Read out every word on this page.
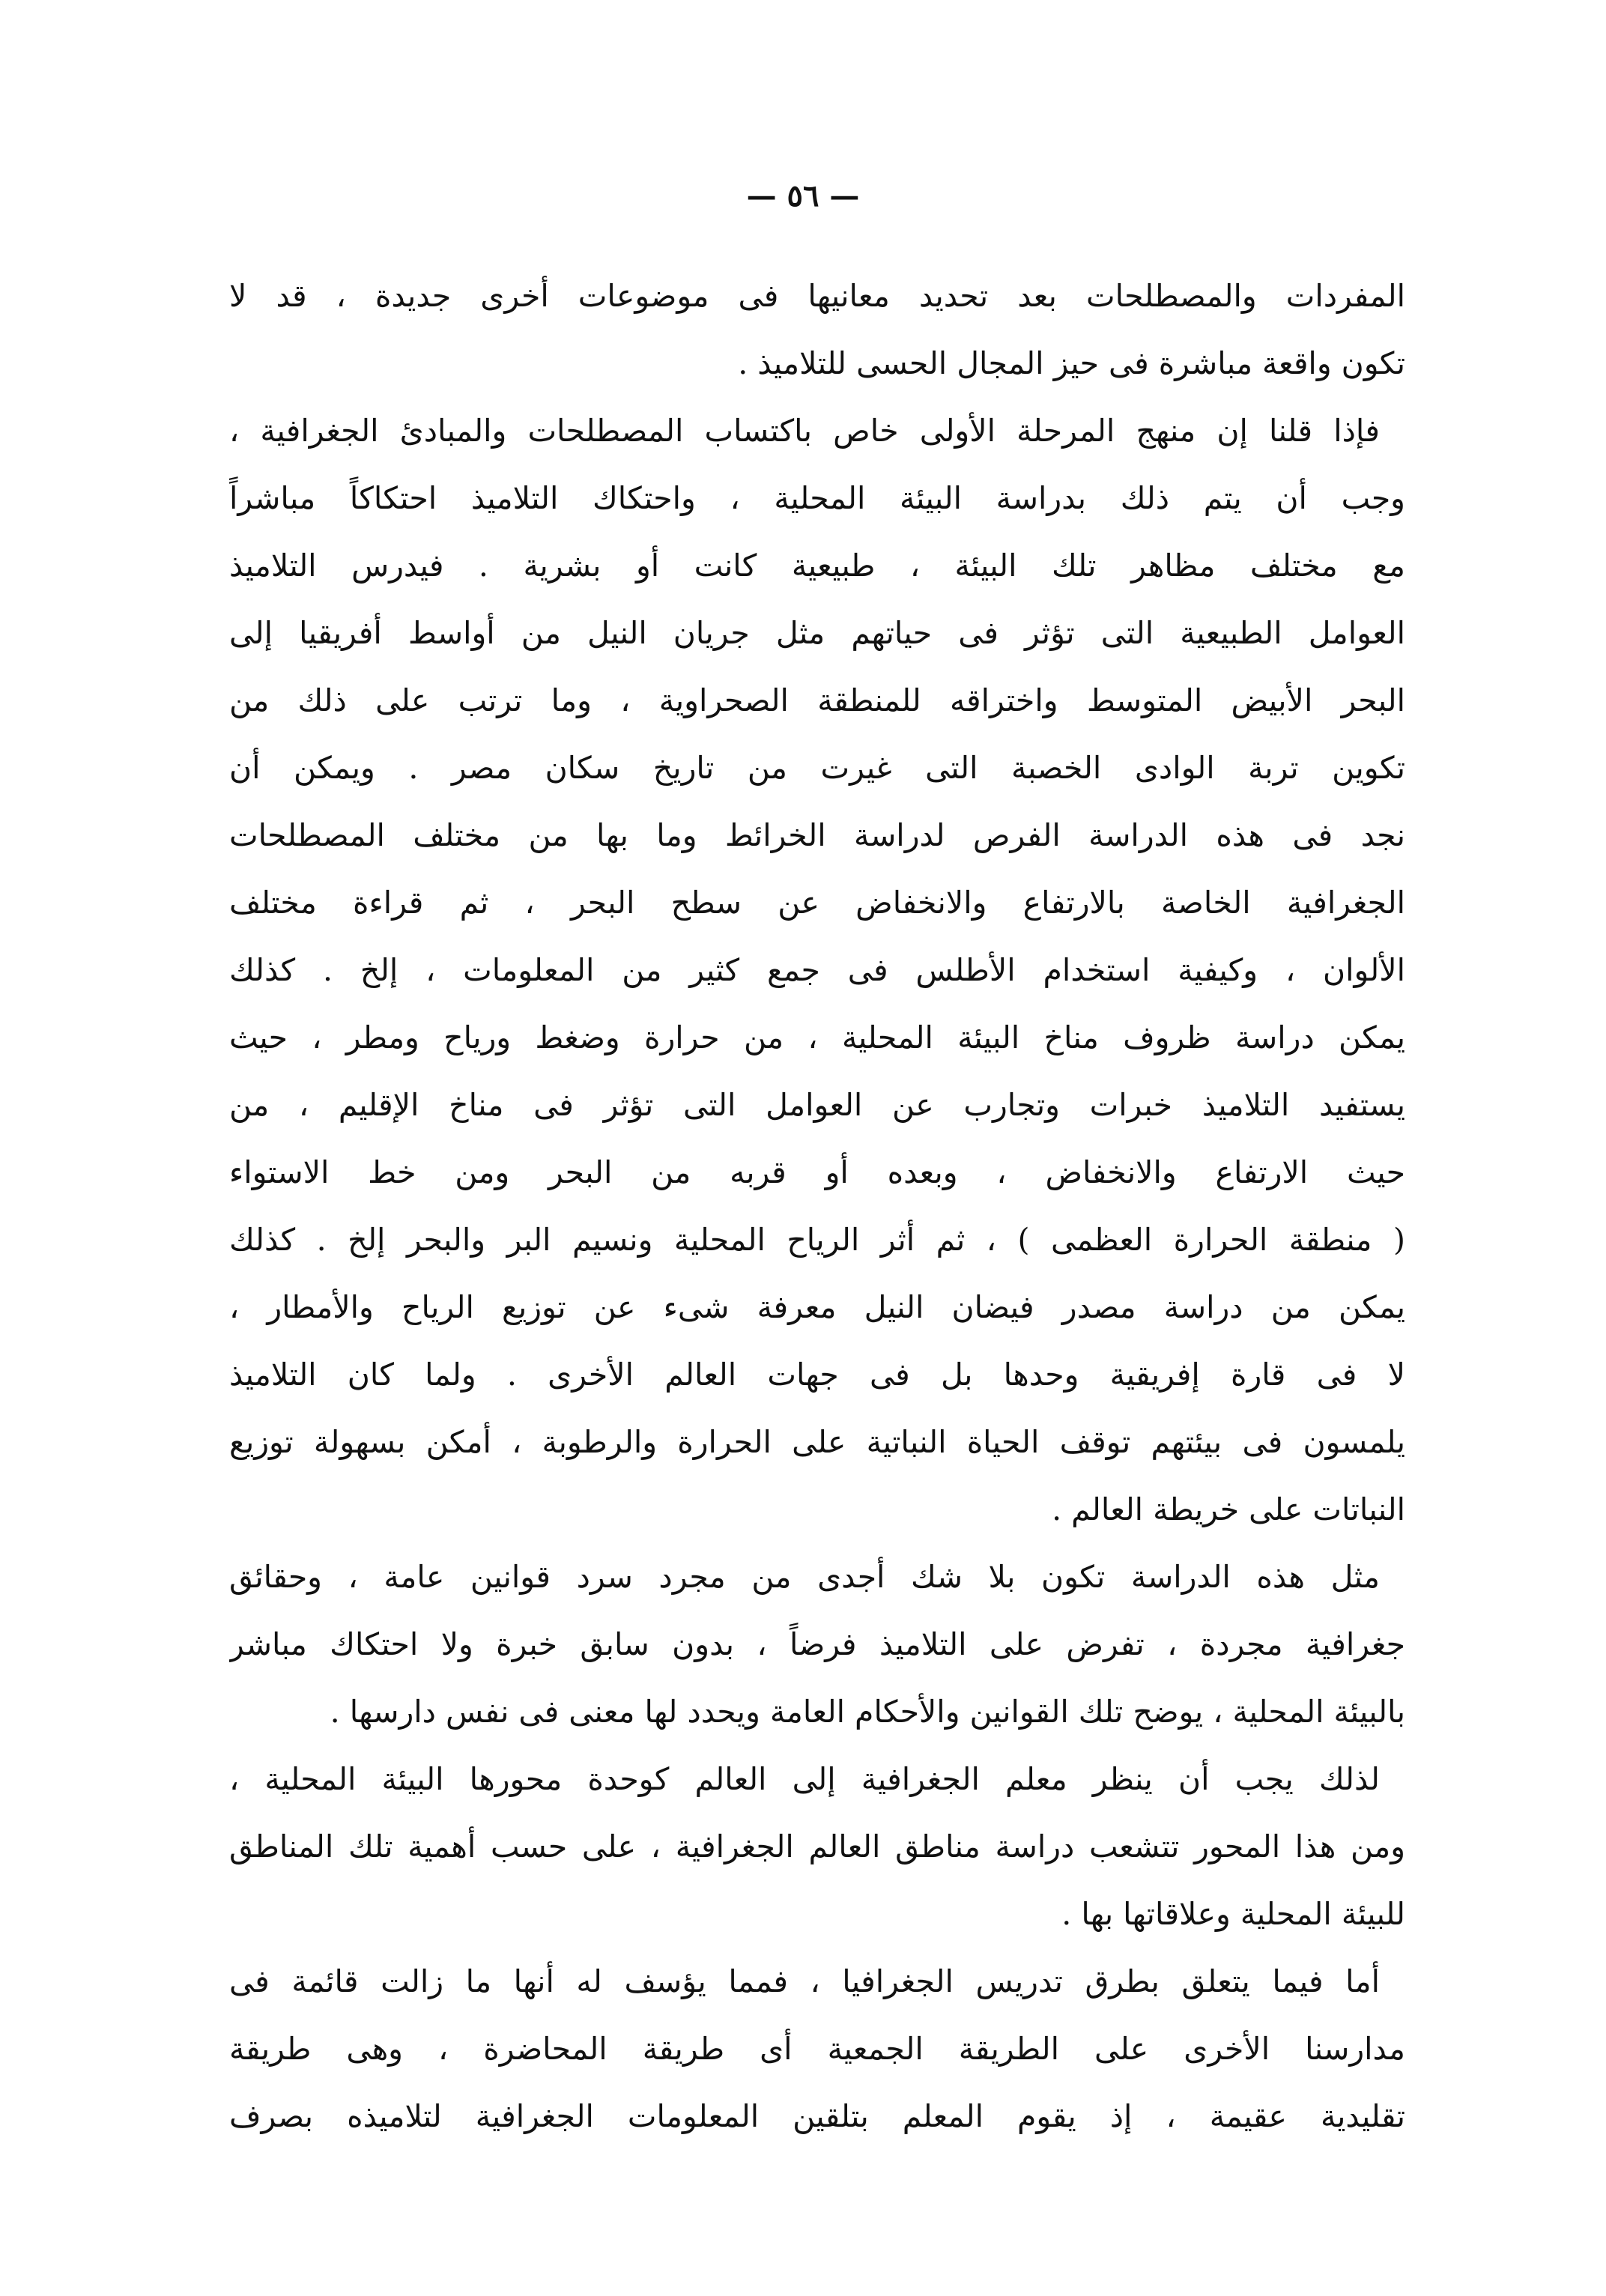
— ٥٦ —
المفردات والمصطلحات بعد تحديد معانيها فى موضوعات أخرى جديدة ، قد لا
تكون واقعة مباشرة فى حيز المجال الحسى للتلاميذ .
فإذا قلنا إن منهج المرحلة الأولى خاص باكتساب المصطلحات والمبادئ الجغرافية ،
وجب أن يتم ذلك بدراسة البيئة المحلية ، واحتكاك التلاميذ احتكاكاً مباشراً
مع مختلف مظاهر تلك البيئة ، طبيعية كانت أو بشرية . فيدرس التلاميذ
العوامل الطبيعية التى تؤثر فى حياتهم مثل جريان النيل من أواسط أفريقيا إلى
البحر الأبيض المتوسط واختراقه للمنطقة الصحراوية ، وما ترتب على ذلك من
تكوين تربة الوادى الخصبة التى غيرت من تاريخ سكان مصر . ويمكن أن
نجد فى هذه الدراسة الفرص لدراسة الخرائط وما بها من مختلف المصطلحات
الجغرافية الخاصة بالارتفاع والانخفاض عن سطح البحر ، ثم قراءة مختلف
الألوان ، وكيفية استخدام الأطلس فى جمع كثير من المعلومات ، إلخ . كذلك
يمكن دراسة ظروف مناخ البيئة المحلية ، من حرارة وضغط ورياح ومطر ، حيث
يستفيد التلاميذ خبرات وتجارب عن العوامل التى تؤثر فى مناخ الإقليم ، من
حيث الارتفاع والانخفاض ، وبعده أو قربه من البحر ومن خط الاستواء
( منطقة الحرارة العظمى ) ، ثم أثر الرياح المحلية ونسيم البر والبحر إلخ . كذلك
يمكن من دراسة مصدر فيضان النيل معرفة شىء عن توزيع الرياح والأمطار ،
لا فى قارة إفريقية وحدها بل فى جهات العالم الأخرى . ولما كان التلاميذ
يلمسون فى بيئتهم توقف الحياة النباتية على الحرارة والرطوبة ، أمكن بسهولة توزيع
النباتات على خريطة العالم .
مثل هذه الدراسة تكون بلا شك أجدى من مجرد سرد قوانين عامة ، وحقائق
جغرافية مجردة ، تفرض على التلاميذ فرضاً ، بدون سابق خبرة ولا احتكاك مباشر
بالبيئة المحلية ، يوضح تلك القوانين والأحكام العامة ويحدد لها معنى فى نفس دارسها .
لذلك يجب أن ينظر معلم الجغرافية إلى العالم كوحدة محورها البيئة المحلية ،
ومن هذا المحور تتشعب دراسة مناطق العالم الجغرافية ، على حسب أهمية تلك المناطق
للبيئة المحلية وعلاقاتها بها .
أما فيما يتعلق بطرق تدريس الجغرافيا ، فمما يؤسف له أنها ما زالت قائمة فى
مدارسنا الأخرى على الطريقة الجمعية أى طريقة المحاضرة ، وهى طريقة
تقليدية عقيمة ، إذ يقوم المعلم بتلقين المعلومات الجغرافية لتلاميذه بصرف
